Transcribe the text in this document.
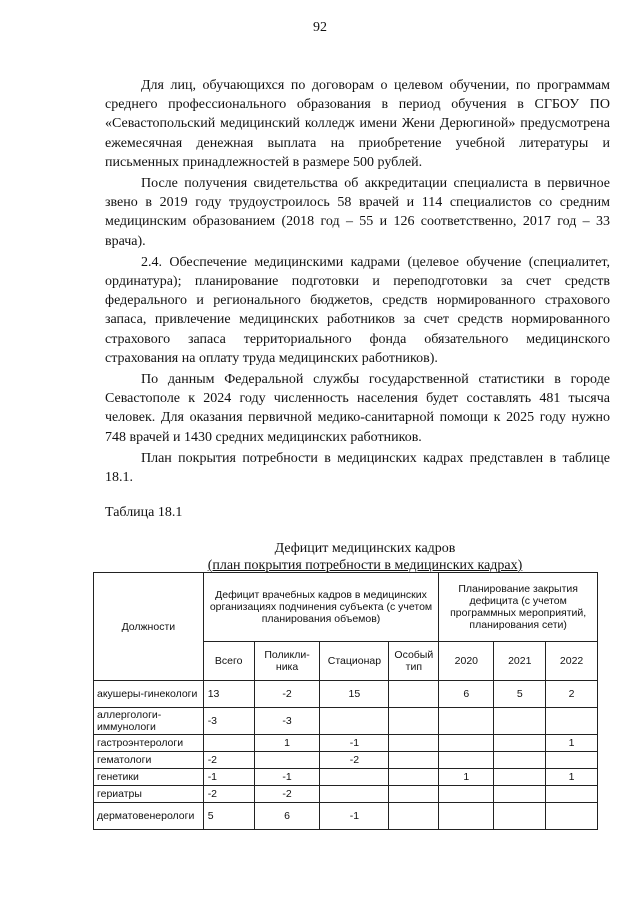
92

Для лиц, обучающихся по договорам о целевом обучении, по программам среднего профессионального образования в период обучения в СГБОУ ПО «Севастопольский медицинский колледж имени Жени Дерюгиной» предусмотрена ежемесячная денежная выплата на приобретение учебной литературы и письменных принадлежностей в размере 500 рублей.

После получения свидетельства об аккредитации специалиста в первичное звено в 2019 году трудоустроилось 58 врачей и 114 специалистов со средним медицинским образованием (2018 год – 55 и 126 соответственно, 2017 год – 33 врача).

2.4. Обеспечение медицинскими кадрами (целевое обучение (специалитет, ординатура); планирование подготовки и переподготовки за счет средств федерального и регионального бюджетов, средств нормированного страхового запаса, привлечение медицинских работников за счет средств нормированного страхового запаса территориального фонда обязательного медицинского страхования на оплату труда медицинских работников).

По данным Федеральной службы государственной статистики в городе Севастополе к 2024 году численность населения будет составлять 481 тысяча человек. Для оказания первичной медико-санитарной помощи к 2025 году нужно 748 врачей и 1430 средних медицинских работников.

План покрытия потребности в медицинских кадрах представлен в таблице 18.1.

Таблица 18.1
Дефицит медицинских кадров
(план покрытия потребности в медицинских кадрах)
Должности	Дефицит врачебных кадров в медицинских организациях подчинения субъекта (с учетом планирования объемов)				Планирование закрытия дефицита (с учетом программных мероприятий, планирования сети)		
	Всего	Поликли-ника	Стационар	Особый тип	2020	2021	2022
акушеры-гинекологи	13	-2	15		6	5	2
аллергологи-иммунологи	-3	-3					
гастроэнтерологи		1	-1				1
гематологи	-2		-2				
генетики	-1	-1			1		1
гериатры	-2	-2					
дерматовенерологи	5	6	-1				
